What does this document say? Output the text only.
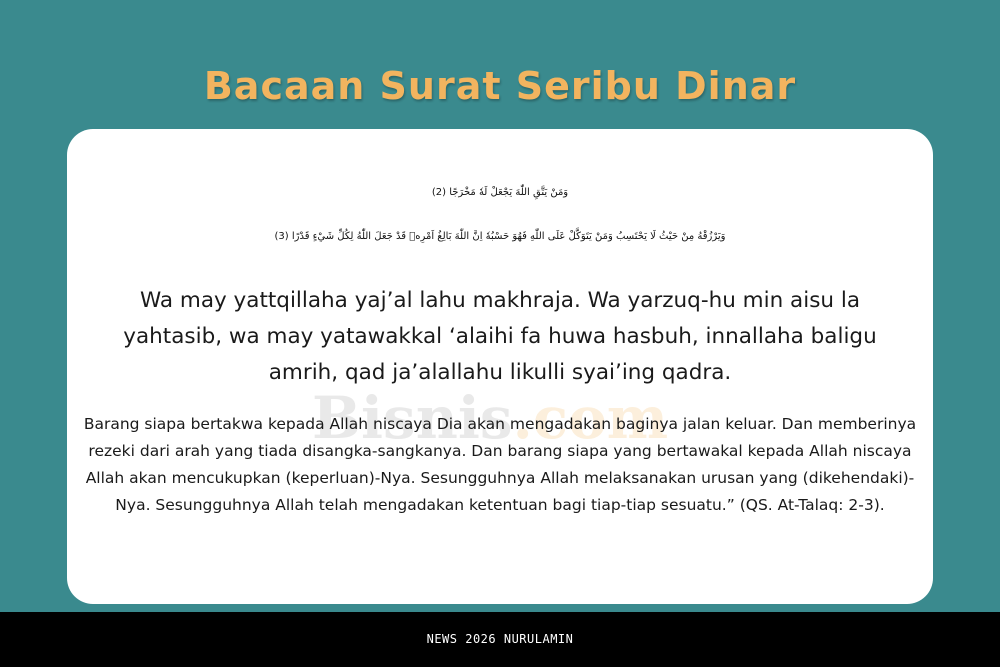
Bacaan Surat Seribu Dinar
Bisnis.com
وَمَنْ يَتَّقِ اللّٰهَ يَجْعَلْ لَهٗ مَخْرَجًا (2)
وَيَرْزُقْهُ مِنْ حَيْثُ لَا يَحْتَسِبُ وَمَنْ يَتَوَكَّلْ عَلَى اللّٰهِ فَهُوَ حَسْبُهٗ اِنَّ اللّٰهَ بَالِغُ اَمْرِهٖ قَدْ جَعَلَ اللّٰهُ لِكُلِّ شَيْءٍ قَدْرًا (3)
Wa may yattqillaha yaj’al lahu makhraja. Wa yarzuq-hu min aisu la yahtasib, wa may yatawakkal ‘alaihi fa huwa hasbuh, innallaha baligu amrih, qad ja’alallahu likulli syai’ing qadra.
Barang siapa bertakwa kepada Allah niscaya Dia akan mengadakan baginya jalan keluar. Dan memberinya rezeki dari arah yang tiada disangka-sangkanya. Dan barang siapa yang bertawakal kepada Allah niscaya Allah akan mencukupkan (keperluan)-Nya. Sesungguhnya Allah melaksanakan urusan yang (dikehendaki)-Nya. Sesungguhnya Allah telah mengadakan ketentuan bagi tiap-tiap sesuatu.” (QS. At-Talaq: 2-3).
NEWS 2026 NURULAMIN
